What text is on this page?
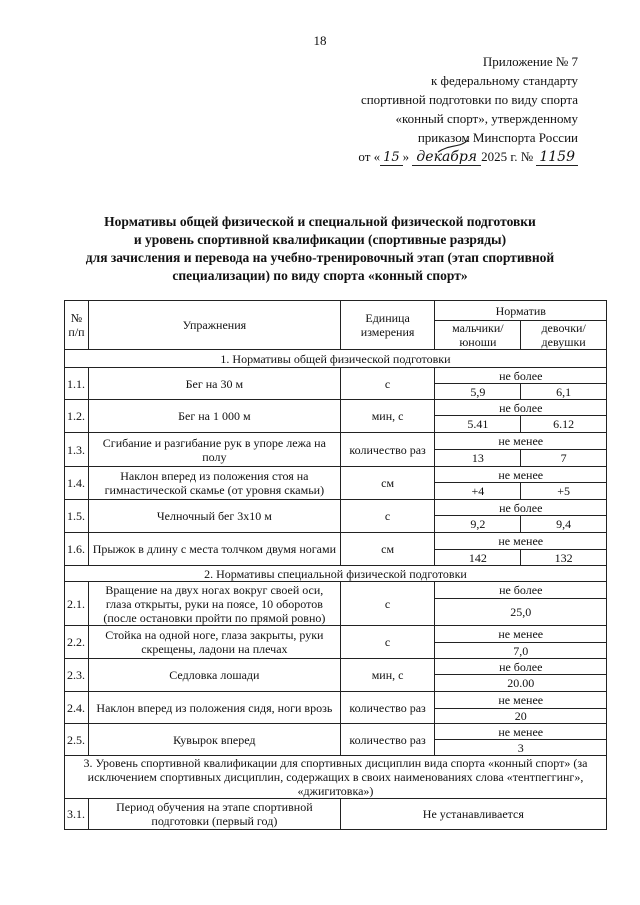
18
Приложение № 7
к федеральному стандарту
спортивной подготовки по виду спорта
«конный спорт», утвержденному
приказом Минспорта России
от « 15 » декабря 2025 г. № 1159
Нормативы общей физической и специальной физической подготовки
и уровень спортивной квалификации (спортивные разряды)
для зачисления и перевода на учебно-тренировочный этап (этап спортивной
специализации) по виду спорта «конный спорт»
№ п/п	Упражнения	Единица измерения	Норматив	
			мальчики/ юноши	девочки/ девушки
1. Нормативы общей физической подготовки				
1.1.	Бег на 30 м	с	не более	
			5,9	6,1
1.2.	Бег на 1 000 м	мин, с	не более	
			5.41	6.12
1.3.	Сгибание и разгибание рук в упоре лежа на полу	количество раз	не менее	
			13	7
1.4.	Наклон вперед из положения стоя на гимнастической скамье (от уровня скамьи)	см	не менее	
			+4	+5
1.5.	Челночный бег 3х10 м	с	не более	
			9,2	9,4
1.6.	Прыжок в длину с места толчком двумя ногами	см	не менее	
			142	132
2. Нормативы специальной физической подготовки				
2.1.	Вращение на двух ногах вокруг своей оси, глаза открыты, руки на поясе, 10 оборотов (после остановки пройти по прямой ровно)	с	не более	
			25,0	
2.2.	Стойка на одной ноге, глаза закрыты, руки скрещены, ладони на плечах	с	не менее	
			7,0	
2.3.	Седловка лошади	мин, с	не более	
			20.00	
2.4.	Наклон вперед из положения сидя, ноги врозь	количество раз	не менее	
			20	
2.5.	Кувырок вперед	количество раз	не менее	
			3	
3. Уровень спортивной квалификации для спортивных дисциплин вида спорта «конный спорт» (за исключением спортивных дисциплин, содержащих в своих наименованиях слова «тентпеггинг», «джигитовка»)				
3.1.	Период обучения на этапе спортивной подготовки (первый год)	Не устанавливается		
